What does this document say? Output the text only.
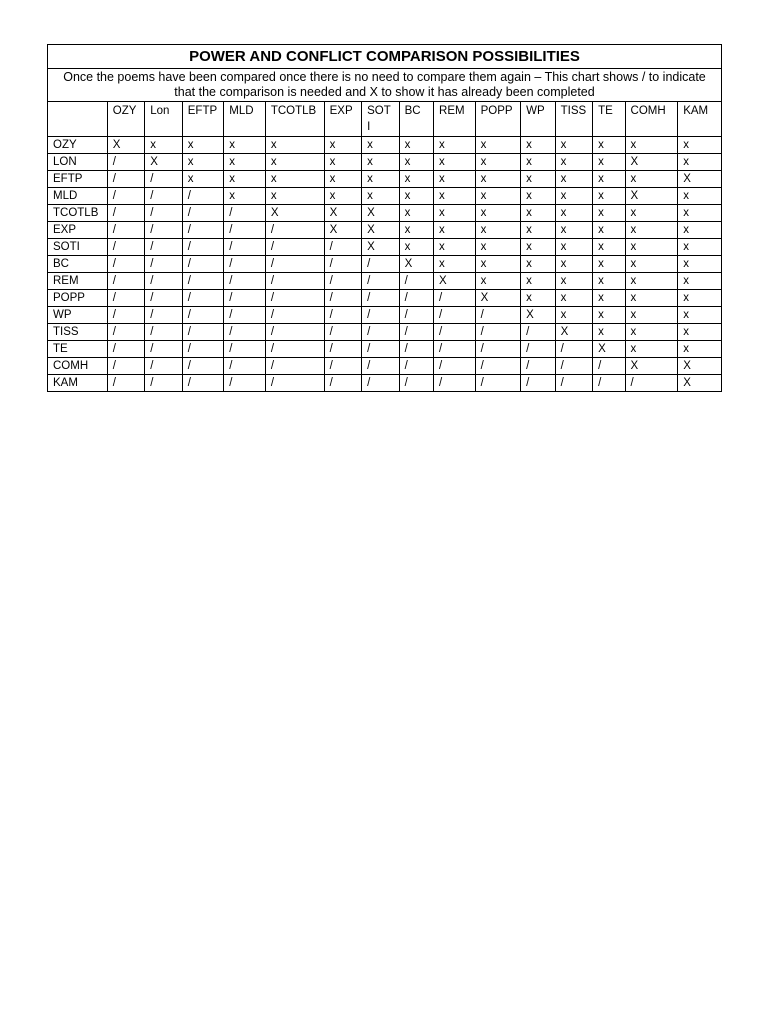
POWER AND CONFLICT COMPARISON POSSIBILITIES															
Once the poems have been compared once there is no need to compare them again – This chart shows / to indicate that the comparison is needed and X to show it has already been completed															
	OZY	Lon	EFTP	MLD	TCOTLB	EXP	SOTI	BC	REM	POPP	WP	TISS	TE	COMH	KAM
OZY	X	x	x	x	x	x	x	x	x	x	x	x	x	x	x
LON	/	X	x	x	x	x	x	x	x	x	x	x	x	X	x
EFTP	/	/	x	x	x	x	x	x	x	x	x	x	x	x	X
MLD	/	/	/	x	x	x	x	x	x	x	x	x	x	X	x
TCOTLB	/	/	/	/	X	X	X	x	x	x	x	x	x	x	x
EXP	/	/	/	/	/	X	X	x	x	x	x	x	x	x	x
SOTI	/	/	/	/	/	/	X	x	x	x	x	x	x	x	x
BC	/	/	/	/	/	/	/	X	x	x	x	x	x	x	x
REM	/	/	/	/	/	/	/	/	X	x	x	x	x	x	x
POPP	/	/	/	/	/	/	/	/	/	X	x	x	x	x	x
WP	/	/	/	/	/	/	/	/	/	/	X	x	x	x	x
TISS	/	/	/	/	/	/	/	/	/	/	/	X	x	x	x
TE	/	/	/	/	/	/	/	/	/	/	/	/	X	x	x
COMH	/	/	/	/	/	/	/	/	/	/	/	/	/	X	X
KAM	/	/	/	/	/	/	/	/	/	/	/	/	/	/	X
